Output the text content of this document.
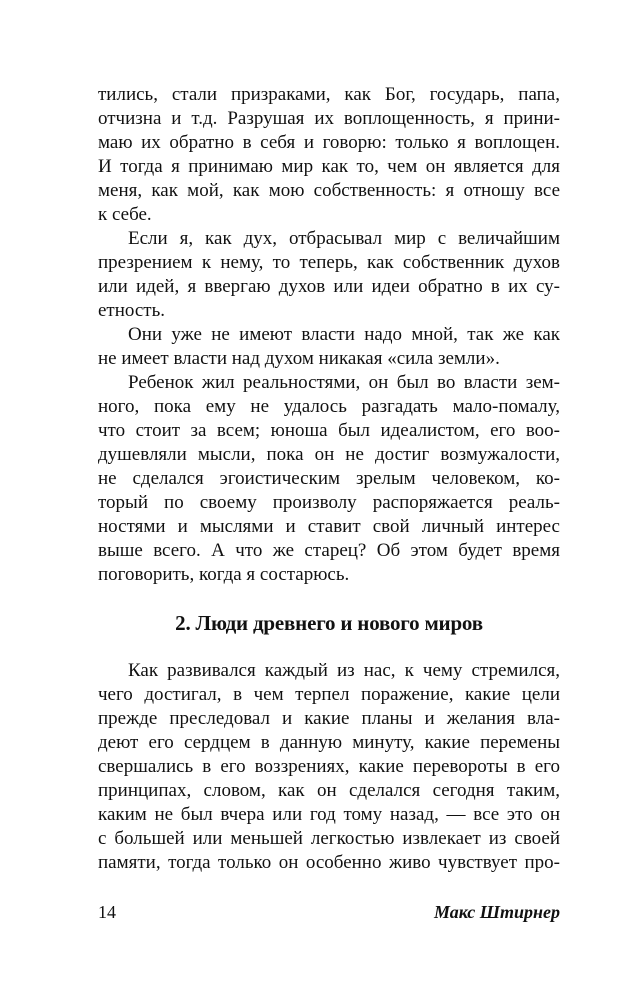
тились, стали призраками, как Бог, государь, папа,
отчизна и т.д. Разрушая их воплощенность, я прини-
маю их обратно в себя и говорю: только я воплощен.
И тогда я принимаю мир как то, чем он является для
меня, как мой, как мою собственность: я отношу все
к себе.
Если я, как дух, отбрасывал мир с величайшим
презрением к нему, то теперь, как собственник духов
или идей, я ввергаю духов или идеи обратно в их су-
етность.
Они уже не имеют власти надо мной, так же как
не имеет власти над духом никакая «сила земли».
Ребенок жил реальностями, он был во власти зем-
ного, пока ему не удалось разгадать мало-помалу,
что стоит за всем; юноша был идеалистом, его воо-
душевляли мысли, пока он не достиг возмужалости,
не сделался эгоистическим зрелым человеком, ко-
торый по своему произволу распоряжается реаль-
ностями и мыслями и ставит свой личный интерес
выше всего. А что же старец? Об этом будет время
поговорить, когда я состарюсь.
2. Люди древнего и нового миров
Как развивался каждый из нас, к чему стремился,
чего достигал, в чем терпел поражение, какие цели
прежде преследовал и какие планы и желания вла-
деют его сердцем в данную минуту, какие перемены
свершались в его воззрениях, какие перевороты в его
принципах, словом, как он сделался сегодня таким,
каким не был вчера или год тому назад, — все это он
с большей или меньшей легкостью извлекает из своей
памяти, тогда только он особенно живо чувствует про-
14	Макс Штирнер
